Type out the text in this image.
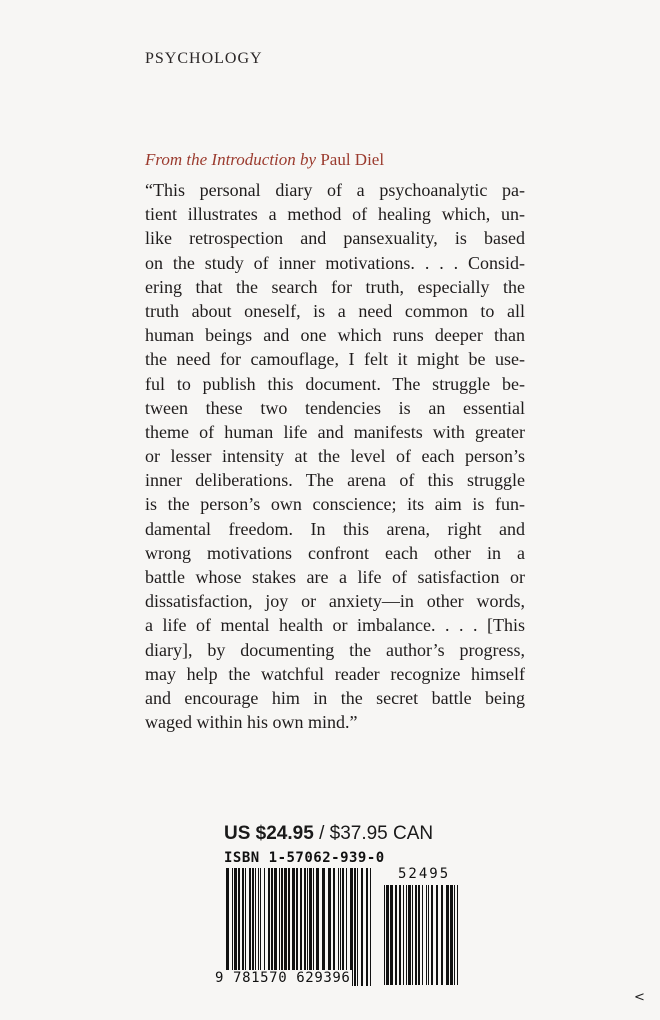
PSYCHOLOGY
From the Introduction by Paul Diel
“This personal diary of a psychoanalytic pa-
tient illustrates a method of healing which, un-
like retrospection and pansexuality, is based
on the study of inner motivations. . . . Consid-
ering that the search for truth, especially the
truth about oneself, is a need common to all
human beings and one which runs deeper than
the need for camouflage, I felt it might be use-
ful to publish this document. The struggle be-
tween these two tendencies is an essential
theme of human life and manifests with greater
or lesser intensity at the level of each person’s
inner deliberations. The arena of this struggle
is the person’s own conscience; its aim is fun-
damental freedom. In this arena, right and
wrong motivations confront each other in a
battle whose stakes are a life of satisfaction or
dissatisfaction, joy or anxiety—in other words,
a life of mental health or imbalance. . . . [This
diary], by documenting the author’s progress,
may help the watchful reader recognize himself
and encourage him in the secret battle being
waged within his own mind.”
US $24.95 / $37.95 CAN
ISBN 1-57062-939-0
52495
9 781570 629396
<
